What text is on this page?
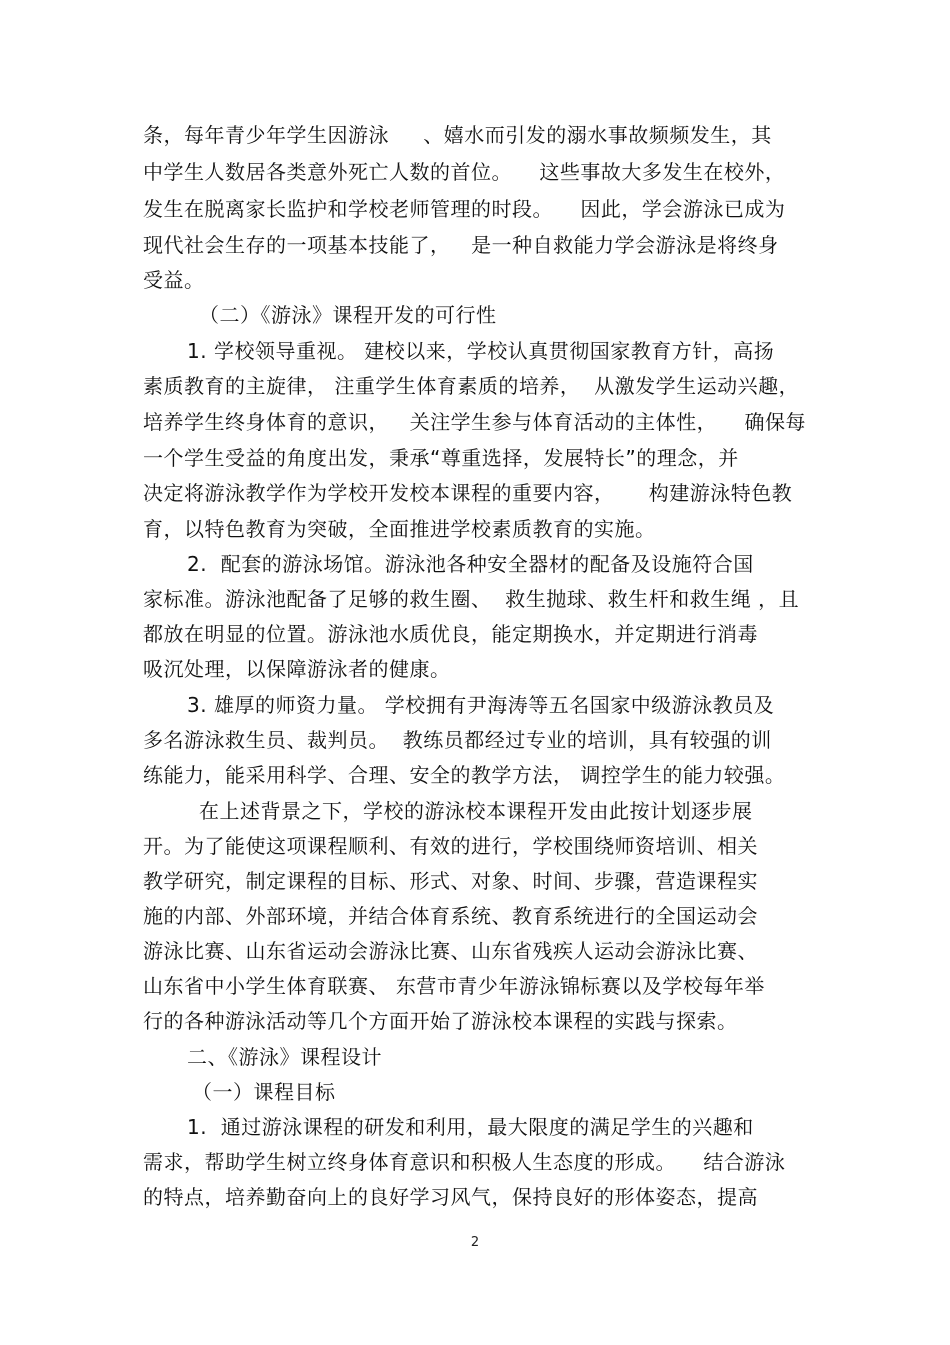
条，每年青少年学生因游泳     、嬉水而引发的溺水事故频频发生，其
中学生人数居各类意外死亡人数的首位。    这些事故大多发生在校外，
发生在脱离家长监护和学校老师管理的时段。    因此，学会游泳已成为
现代社会生存的一项基本技能了，   是一种自救能力学会游泳是将终身
受益。
（二）《游泳》课程开发的可行性
1. 学校领导重视。 建校以来，学校认真贯彻国家教育方针，高扬
素质教育的主旋律， 注重学生体育素质的培养，  从激发学生运动兴趣，
培养学生终身体育的意识，   关注学生参与体育活动的主体性，    确保每
一个学生受益的角度出发，秉承“尊重选择，发展特长”的理念，并
决定将游泳教学作为学校开发校本课程的重要内容，     构建游泳特色教
育，以特色教育为突破，全面推进学校素质教育的实施。
2.  配套的游泳场馆。游泳池各种安全器材的配备及设施符合国
家标准。游泳池配备了足够的救生圈、  救生抛球、救生杆和救生绳 ，且
都放在明显的位置。游泳池水质优良，能定期换水，并定期进行消毒
吸沉处理，以保障游泳者的健康。
3. 雄厚的师资力量。 学校拥有尹海涛等五名国家中级游泳教员及
多名游泳救生员、裁判员。  教练员都经过专业的培训，具有较强的训
练能力，能采用科学、合理、安全的教学方法， 调控学生的能力较强。
在上述背景之下，学校的游泳校本课程开发由此按计划逐步展
开。为了能使这项课程顺利、有效的进行，学校围绕师资培训、相关
教学研究，制定课程的目标、形式、对象、时间、步骤，营造课程实
施的内部、外部环境，并结合体育系统、教育系统进行的全国运动会
游泳比赛、山东省运动会游泳比赛、山东省残疾人运动会游泳比赛、
山东省中小学生体育联赛、 东营市青少年游泳锦标赛以及学校每年举
行的各种游泳活动等几个方面开始了游泳校本课程的实践与探索。
二、《游泳》课程设计
（一）课程目标
1.  通过游泳课程的研发和利用，最大限度的满足学生的兴趣和
需求，帮助学生树立终身体育意识和积极人生态度的形成。    结合游泳
的特点，培养勤奋向上的良好学习风气，保持良好的形体姿态，提高
2
